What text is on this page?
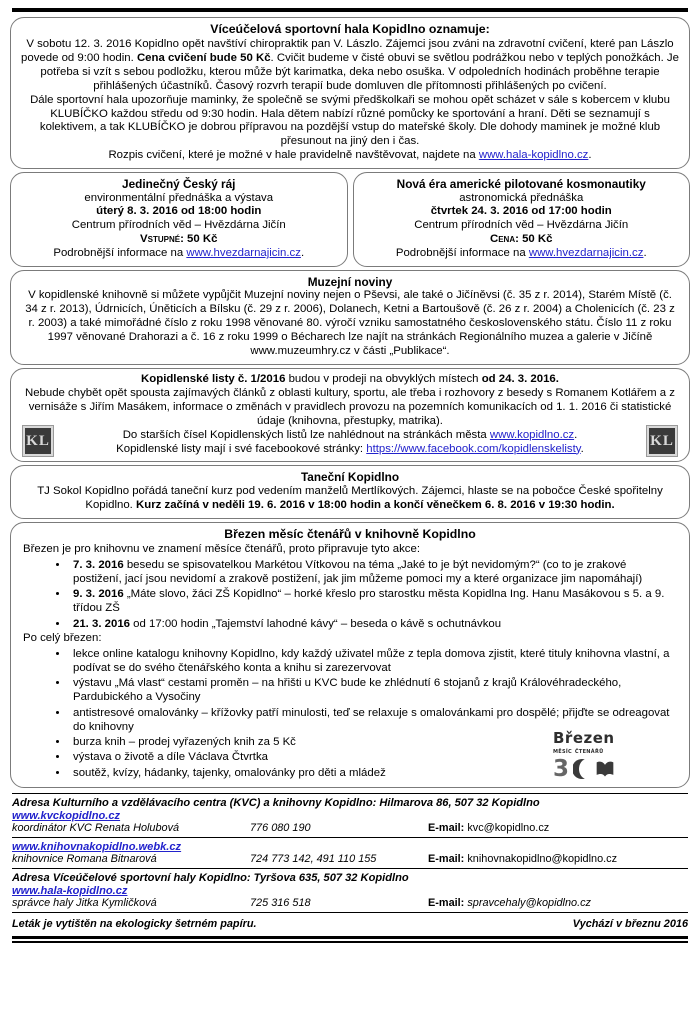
Víceúčelová sportovní hala Kopidlno oznamuje:

V sobotu 12. 3. 2016 Kopidlno opět navštíví chiropraktik pan V. Lászlo. Zájemci jsou zváni na zdravotní cvičení, které pan Lászlo povede od 9:00 hodin. Cena cvičení bude 50 Kč. Cvičit budeme v čisté obuvi se světlou podrážkou nebo v teplých ponožkách. Je potřeba si vzít s sebou podložku, kterou může být karimatka, deka nebo osuška. V odpoledních hodinách proběhne terapie přihlášených účastníků. Časový rozvrh terapií bude domluven dle přítomnosti přihlášených po cvičení.

Dále sportovní hala upozorňuje maminky, že společně se svými předškolkaři se mohou opět scházet v sále s kobercem v klubu KLUBÍČKO každou středu od 9:30 hodin. Hala dětem nabízí různé pomůcky ke sportování a hraní. Děti se seznamují s kolektivem, a tak KLUBÍČKO je dobrou přípravou na pozdější vstup do mateřské školy. Dle dohody maminek je možné klub přesunout na jiný den i čas.

Rozpis cvičení, které je možné v hale pravidelně navštěvovat, najdete na www.hala-kopidlno.cz.

Jedinečný Český ráj

environmentální přednáška a výstava

úterý 8. 3. 2016 od 18:00 hodin

Centrum přírodních věd – Hvězdárna Jičín

Vstupné: 50 Kč

Podrobnější informace na www.hvezdarnajicin.cz.

Nová éra americké pilotované kosmonautiky

astronomická přednáška

čtvrtek 24. 3. 2016 od 17:00 hodin

Centrum přírodních věd – Hvězdárna Jičín

Cena: 50 Kč

Podrobnější informace na www.hvezdarnajicin.cz.

Muzejní noviny

V kopidlenské knihovně si můžete vypůjčit Muzejní noviny nejen o Pševsi, ale také o Jičíněvsi (č. 35 z r. 2014), Starém Místě (č. 34 z r. 2013), Údrnicích, Úněticích a Bílsku (č. 29 z r. 2006), Dolanech, Ketni a Bartoušově (č. 26 z r. 2004) a Cholenicích (č. 23 z r. 2003) a také mimořádné číslo z roku 1998 věnované 80. výročí vzniku samostatného československého státu. Číslo 11 z roku 1997 věnované Drahorazi a č. 16 z roku 1999 o Bécharech lze najít na stránkách Regionálního muzea a galerie v Jičíně www.muzeumhry.cz v části „Publikace“.

KL	KL

Kopidlenské listy č. 1/2016 budou v prodeji na obvyklých místech od 24. 3. 2016.

Nebude chybět opět spousta zajímavých článků z oblasti kultury, sportu, ale třeba i rozhovory z besedy s Romanem Kotlářem a z vernisáže s Jiřím Masákem, informace o změnách v pravidlech provozu na pozemních komunikacích od 1. 1. 2016 či statistické údaje (knihovna, přestupky, matrika).

Do starších čísel Kopidlenských listů lze nahlédnout na stránkách města www.kopidlno.cz.

Kopidlenské listy mají i své facebookové stránky: https://www.facebook.com/kopidlenskelisty.

Taneční Kopidlno

TJ Sokol Kopidlno pořádá taneční kurz pod vedením manželů Mertlíkových. Zájemci, hlaste se na pobočce České spořitelny Kopidlno. Kurz začíná v neděli 19. 6. 2016 v 18:00 hodin a končí věnečkem 6. 8. 2016 v 19:30 hodin.

Březen měsíc čtenářů v knihovně Kopidlno

Březen je pro knihovnu ve znamení měsíce čtenářů, proto připravuje tyto akce:

• 7. 3. 2016 besedu se spisovatelkou Markétou Vítkovou na téma „Jaké to je být nevidomým?“ (co to je zrakové postižení, jací jsou nevidomí a zrakově postižení, jak jim můžeme pomoci my a které organizace jim napomáhají)
• 9. 3. 2016 „Máte slovo, žáci ZŠ Kopidlno“ – horké křeslo pro starostku města Kopidlna Ing. Hanu Masákovou s 5. a 9. třídou ZŠ
• 21. 3. 2016 od 17:00 hodin „Tajemství lahodné kávy“ – beseda o kávě s ochutnávkou

Po celý březen:

• lekce online katalogu knihovny Kopidlno, kdy každý uživatel může z tepla domova zjistit, které tituly knihovna vlastní, a podívat se do svého čtenářského konta a knihu si zarezervovat
• výstavu „Má vlast“ cestami proměn – na hřišti u KVC bude ke zhlédnutí 6 stojanů z krajů Královéhradeckého, Pardubického a Vysočiny
• antistresové omalovánky – křížovky patří minulosti, teď se relaxuje s omalovánkami pro dospělé; přijďte se odreagovat do knihovny
• burza knih – prodej vyřazených knih za 5 Kč
• výstava o životě a díle Václava Čtvrtka
• soutěž, kvízy, hádanky, tajenky, omalovánky pro děti a mládež
Březen
měsíc čtenářů
3
Adresa Kulturního a vzdělávacího centra (KVC) a knihovny Kopidlno: Hilmarova 86, 507 32 Kopidlno
www.kvckopidlno.cz
koordinátor KVC Renata Holubová	776 080 190	E-mail: kvc@kopidlno.cz
www.knihovnakopidlno.webk.cz
knihovnice Romana Bitnarová	724 773 142, 491 110 155	E-mail: knihovnakopidlno@kopidlno.cz
Adresa Víceúčelové sportovní haly Kopidlno: Tyršova 635, 507 32 Kopidlno
www.hala-kopidlno.cz
správce haly Jitka Kymličková	725 316 518	E-mail: spravcehaly@kopidlno.cz
Leták je vytištěn na ekologicky šetrném papíru.	Vychází v březnu 2016
